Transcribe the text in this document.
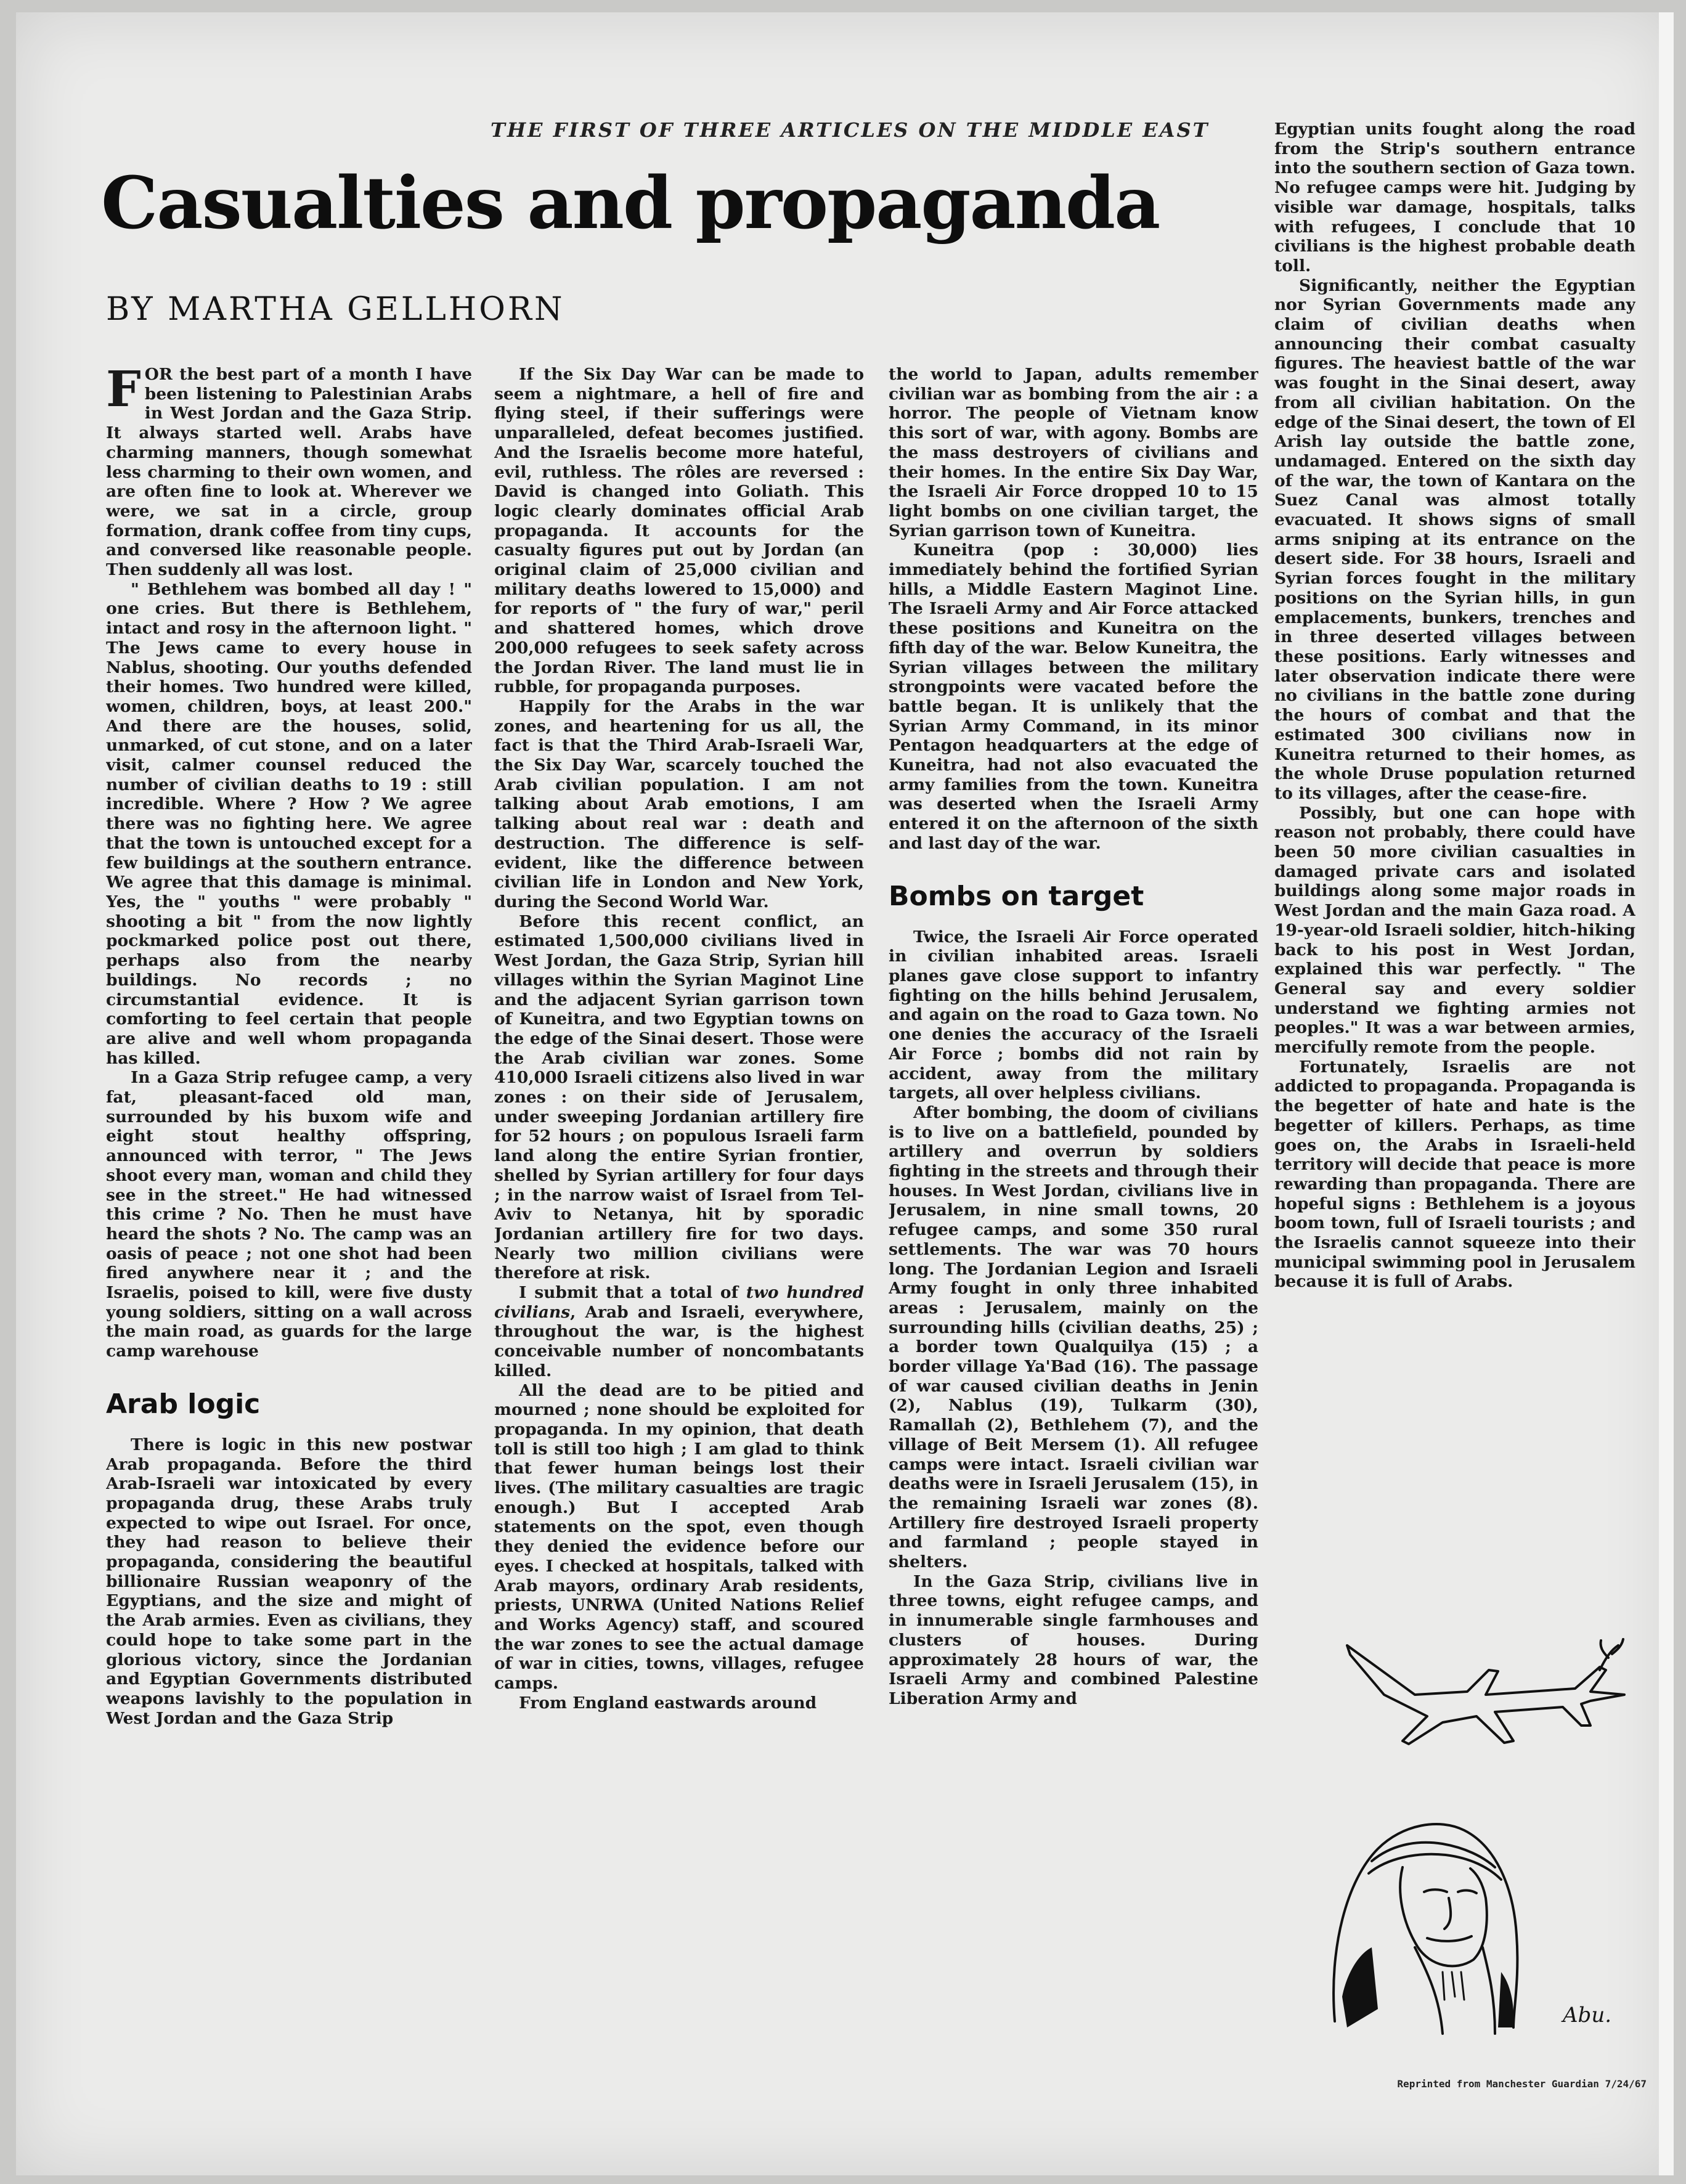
THE FIRST OF THREE ARTICLES ON THE MIDDLE EAST
Casualties and propaganda
BY MARTHA GELLHORN

FOR the best part of a month I have been listening to Palestinian Arabs in West Jordan and the Gaza Strip. It always started well. Arabs have charming manners, though somewhat less charming to their own women, and are often fine to look at. Wherever we were, we sat in a circle, group formation, drank coffee from tiny cups, and conversed like reasonable people. Then suddenly all was lost.

" Bethlehem was bombed all day ! " one cries. But there is Bethlehem, intact and rosy in the afternoon light. " The Jews came to every house in Nablus, shooting. Our youths defended their homes. Two hundred were killed, women, children, boys, at least 200." And there are the houses, solid, unmarked, of cut stone, and on a later visit, calmer counsel reduced the number of civilian deaths to 19 : still incredible. Where ? How ? We agree there was no fighting here. We agree that the town is untouched except for a few buildings at the southern entrance. We agree that this damage is minimal. Yes, the " youths " were probably " shooting a bit " from the now lightly pockmarked police post out there, perhaps also from the nearby buildings. No records ; no circumstantial evidence. It is comforting to feel certain that people are alive and well whom propaganda has killed.

In a Gaza Strip refugee camp, a very fat, pleasant-faced old man, surrounded by his buxom wife and eight stout healthy offspring, announced with terror, " The Jews shoot every man, woman and child they see in the street." He had witnessed this crime ? No. Then he must have heard the shots ? No. The camp was an oasis of peace ; not one shot had been fired anywhere near it ; and the Israelis, poised to kill, were five dusty young soldiers, sitting on a wall across the main road, as guards for the large camp warehouse

Arab logic

There is logic in this new postwar Arab propaganda. Before the third Arab-Israeli war intoxicated by every propaganda drug, these Arabs truly expected to wipe out Israel. For once, they had reason to believe their propaganda, considering the beautiful billionaire Russian weaponry of the Egyptians, and the size and might of the Arab armies. Even as civilians, they could hope to take some part in the glorious victory, since the Jordanian and Egyptian Governments distributed weapons lavishly to the population in West Jordan and the Gaza Strip

If the Six Day War can be made to seem a nightmare, a hell of fire and flying steel, if their sufferings were unparalleled, defeat becomes justified. And the Israelis become more hateful, evil, ruthless. The rôles are reversed : David is changed into Goliath. This logic clearly dominates official Arab propaganda. It accounts for the casualty figures put out by Jordan (an original claim of 25,000 civilian and military deaths lowered to 15,000) and for reports of " the fury of war," peril and shattered homes, which drove 200,000 refugees to seek safety across the Jordan River. The land must lie in rubble, for propaganda purposes.

Happily for the Arabs in the war zones, and heartening for us all, the fact is that the Third Arab-Israeli War, the Six Day War, scarcely touched the Arab civilian population. I am not talking about Arab emotions, I am talking about real war : death and destruction. The difference is self-evident, like the difference between civilian life in London and New York, during the Second World War.

Before this recent conflict, an estimated 1,500,000 civilians lived in West Jordan, the Gaza Strip, Syrian hill villages within the Syrian Maginot Line and the adjacent Syrian garrison town of Kuneitra, and two Egyptian towns on the edge of the Sinai desert. Those were the Arab civilian war zones. Some 410,000 Israeli citizens also lived in war zones : on their side of Jerusalem, under sweeping Jordanian artillery fire for 52 hours ; on populous Israeli farm land along the entire Syrian frontier, shelled by Syrian artillery for four days ; in the narrow waist of Israel from Tel-Aviv to Netanya, hit by sporadic Jordanian artillery fire for two days. Nearly two million civilians were therefore at risk.

I submit that a total of two hundred civilians, Arab and Israeli, everywhere, throughout the war, is the highest conceivable number of noncombatants killed.

All the dead are to be pitied and mourned ; none should be exploited for propaganda. In my opinion, that death toll is still too high ; I am glad to think that fewer human beings lost their lives. (The military casualties are tragic enough.) But I accepted Arab statements on the spot, even though they denied the evidence before our eyes. I checked at hospitals, talked with Arab mayors, ordinary Arab residents, priests, UNRWA (United Nations Relief and Works Agency) staff, and scoured the war zones to see the actual damage of war in cities, towns, villages, refugee camps.

From England eastwards around

the world to Japan, adults remember civilian war as bombing from the air : a horror. The people of Vietnam know this sort of war, with agony. Bombs are the mass destroyers of civilians and their homes. In the entire Six Day War, the Israeli Air Force dropped 10 to 15 light bombs on one civilian target, the Syrian garrison town of Kuneitra.

Kuneitra (pop : 30,000) lies immediately behind the fortified Syrian hills, a Middle Eastern Maginot Line. The Israeli Army and Air Force attacked these positions and Kuneitra on the fifth day of the war. Below Kuneitra, the Syrian villages between the military strongpoints were vacated before the battle began. It is unlikely that the Syrian Army Command, in its minor Pentagon headquarters at the edge of Kuneitra, had not also evacuated the army families from the town. Kuneitra was deserted when the Israeli Army entered it on the afternoon of the sixth and last day of the war.

Bombs on target

Twice, the Israeli Air Force operated in civilian inhabited areas. Israeli planes gave close support to infantry fighting on the hills behind Jerusalem, and again on the road to Gaza town. No one denies the accuracy of the Israeli Air Force ; bombs did not rain by accident, away from the military targets, all over helpless civilians.

After bombing, the doom of civilians is to live on a battlefield, pounded by artillery and overrun by soldiers fighting in the streets and through their houses. In West Jordan, civilians live in Jerusalem, in nine small towns, 20 refugee camps, and some 350 rural settlements. The war was 70 hours long. The Jordanian Legion and Israeli Army fought in only three inhabited areas : Jerusalem, mainly on the surrounding hills (civilian deaths, 25) ; a border town Qualquilya (15) ; a border village Ya'Bad (16). The passage of war caused civilian deaths in Jenin (2), Nablus (19), Tulkarm (30), Ramallah (2), Bethlehem (7), and the village of Beit Mersem (1). All refugee camps were intact. Israeli civilian war deaths were in Israeli Jerusalem (15), in the remaining Israeli war zones (8). Artillery fire destroyed Israeli property and farmland ; people stayed in shelters.

In the Gaza Strip, civilians live in three towns, eight refugee camps, and in innumerable single farmhouses and clusters of houses. During approximately 28 hours of war, the Israeli Army and combined Palestine Liberation Army and

Egyptian units fought along the road from the Strip's southern entrance into the southern section of Gaza town. No refugee camps were hit. Judging by visible war damage, hospitals, talks with refugees, I conclude that 10 civilians is the highest probable death toll.

Significantly, neither the Egyptian nor Syrian Governments made any claim of civilian deaths when announcing their combat casualty figures. The heaviest battle of the war was fought in the Sinai desert, away from all civilian habitation. On the edge of the Sinai desert, the town of El Arish lay outside the battle zone, undamaged. Entered on the sixth day of the war, the town of Kantara on the Suez Canal was almost totally evacuated. It shows signs of small arms sniping at its entrance on the desert side. For 38 hours, Israeli and Syrian forces fought in the military positions on the Syrian hills, in gun emplacements, bunkers, trenches and in three deserted villages between these positions. Early witnesses and later observation indicate there were no civilians in the battle zone during the hours of combat and that the estimated 300 civilians now in Kuneitra returned to their homes, as the whole Druse population returned to its villages, after the cease-fire.

Possibly, but one can hope with reason not probably, there could have been 50 more civilian casualties in damaged private cars and isolated buildings along some major roads in West Jordan and the main Gaza road. A 19-year-old Israeli soldier, hitch-hiking back to his post in West Jordan, explained this war perfectly. " The General say and every soldier understand we fighting armies not peoples." It was a war between armies, mercifully remote from the people.

Fortunately, Israelis are not addicted to propaganda. Propaganda is the begetter of hate and hate is the begetter of killers. Perhaps, as time goes on, the Arabs in Israeli-held territory will decide that peace is more rewarding than propaganda. There are hopeful signs : Bethlehem is a joyous boom town, full of Israeli tourists ; and the Israelis cannot squeeze into their municipal swimming pool in Jerusalem because it is full of Arabs.

Abu.
Reprinted from Manchester Guardian 7/24/67
